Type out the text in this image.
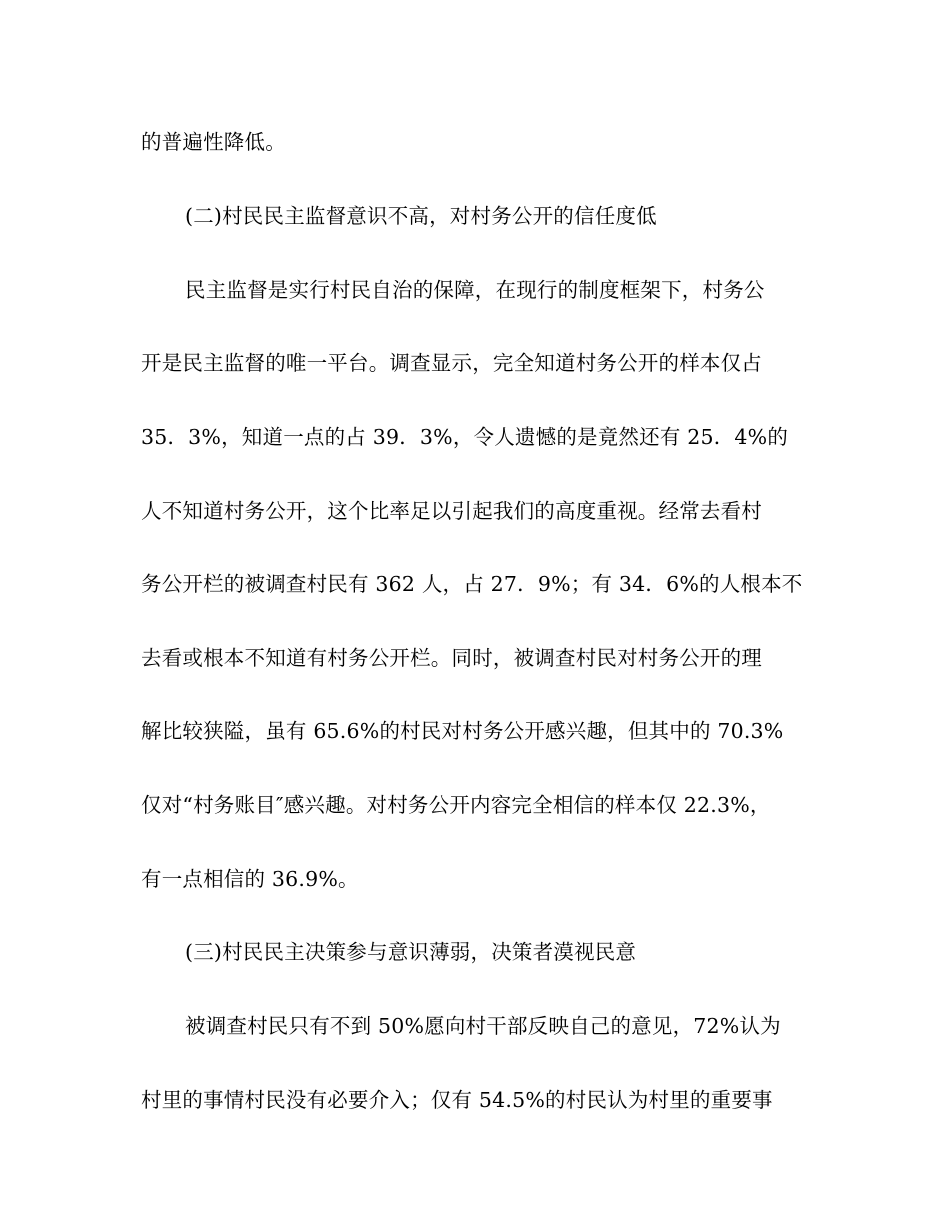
的普遍性降低。
(二)村民民主监督意识不高，对村务公开的信任度低
民主监督是实行村民自治的保障，在现行的制度框架下，村务公
开是民主监督的唯一平台。调查显示，完全知道村务公开的样本仅占
35．3%，知道一点的占 39．3%，令人遗憾的是竟然还有 25．4%的
人不知道村务公开，这个比率足以引起我们的高度重视。经常去看村
务公开栏的被调查村民有 362 人，占 27．9%；有 34．6%的人根本不
去看或根本不知道有村务公开栏。同时，被调查村民对村务公开的理
解比较狭隘，虽有 65.6%的村民对村务公开感兴趣，但其中的 70.3%
仅对“村务账目″感兴趣。对村务公开内容完全相信的样本仅 22.3%，
有一点相信的 36.9%。
(三)村民民主决策参与意识薄弱，决策者漠视民意
被调查村民只有不到 50%愿向村干部反映自己的意见，72%认为
村里的事情村民没有必要介入；仅有 54.5%的村民认为村里的重要事
